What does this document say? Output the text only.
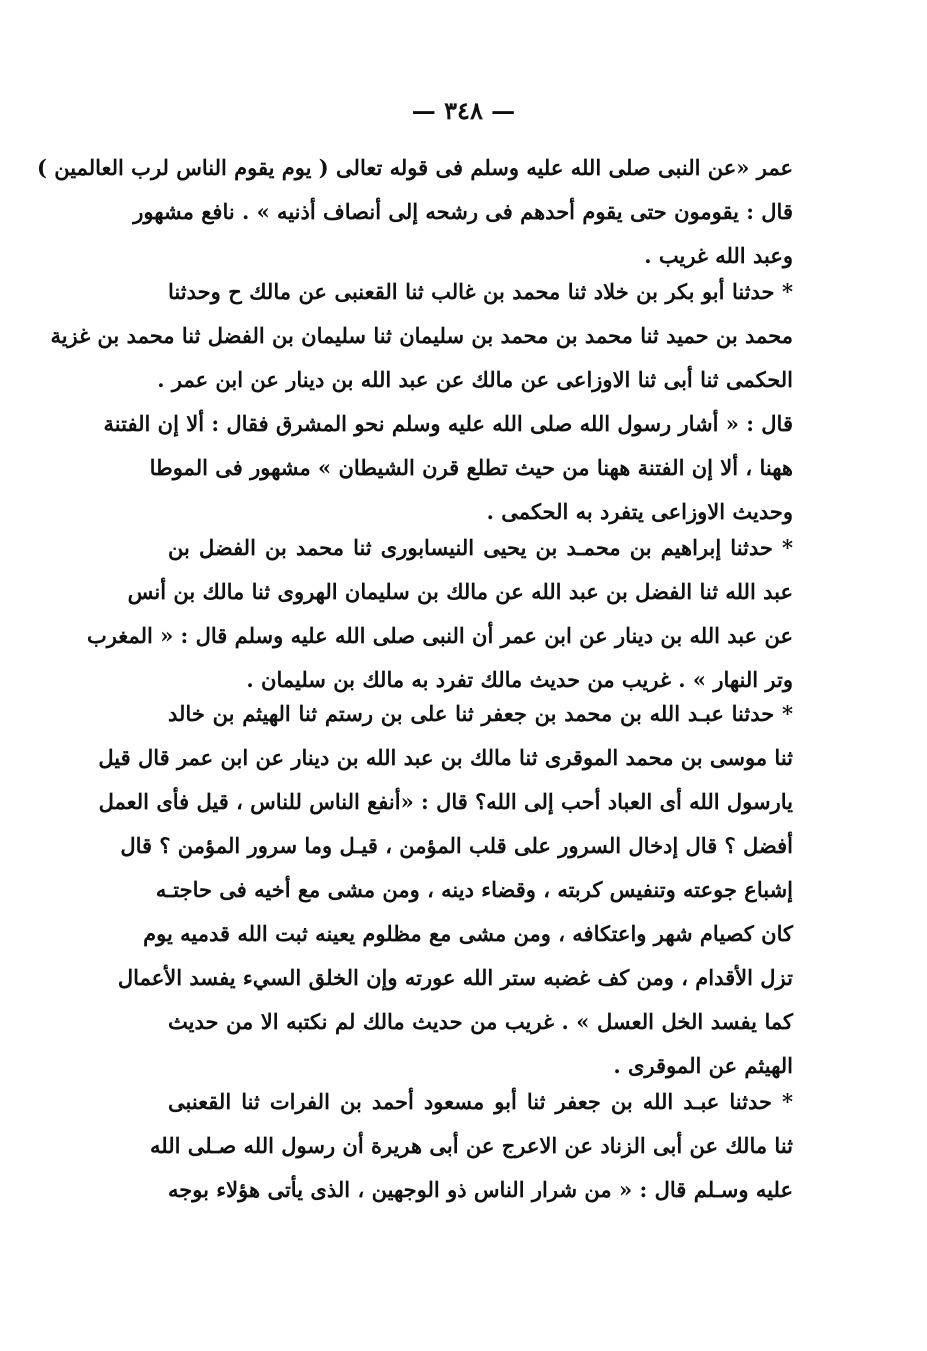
— ٣٤٨ —
عمر «عن النبى صلى الله عليه وسلم فى قوله تعالى ( يوم يقوم الناس لرب العالمين )
قال : يقومون حتى يقوم أحدهم فى رشحه إلى أنصاف أذنيه » . نافع مشهور
وعبد الله غريب .
* حدثنا أبو بكر بن خلاد ثنا محمد بن غالب ثنا القعنبى عن مالك ح وحدثنا
محمد بن حميد ثنا محمد بن محمد بن سليمان ثنا سليمان بن الفضل ثنا محمد بن غزية
الحكمى ثنا أبى ثنا الاوزاعى عن مالك عن عبد الله بن دينار عن ابن عمر .
قال : « أشار رسول الله صلى الله عليه وسلم نحو المشرق فقال : ألا إن الفتنة
ههنا ، ألا إن الفتنة ههنا من حيث تطلع قرن الشيطان » مشهور فى الموطا
وحديث الاوزاعى يتفرد به الحكمى .
* حدثنا إبراهيم بن محمـد بن يحيى النيسابورى ثنا محمد بن الفضل بن
عبد الله ثنا الفضل بن عبد الله عن مالك بن سليمان الهروى ثنا مالك بن أنس
عن عبد الله بن دينار عن ابن عمر أن النبى صلى الله عليه وسلم قال : « المغرب
وتر النهار » . غريب من حديث مالك تفرد به مالك بن سليمان .
* حدثنا عبـد الله بن محمد بن جعفر ثنا على بن رستم ثنا الهيثم بن خالد
ثنا موسى بن محمد الموقرى ثنا مالك بن عبد الله بن دينار عن ابن عمر قال قيل
يارسول الله أى العباد أحب إلى الله؟ قال : «أنفع الناس للناس ، قيل فأى العمل
أفضل ؟ قال إدخال السرور على قلب المؤمن ، قيـل وما سرور المؤمن ؟ قال
إشباع جوعته وتنفيس كربته ، وقضاء دينه ، ومن مشى مع أخيه فى حاجتـه
كان كصيام شهر واعتكافه ، ومن مشى مع مظلوم يعينه ثبت الله قدميه يوم
تزل الأقدام ، ومن كف غضبه ستر الله عورته وإن الخلق السيء يفسد الأعمال
كما يفسد الخل العسل » . غريب من حديث مالك لم نكتبه الا من حديث
الهيثم عن الموقرى .
* حدثنا عبـد الله بن جعفر ثنا أبو مسعود أحمد بن الفرات ثنا القعنبى
ثنا مالك عن أبى الزناد عن الاعرج عن أبى هريرة أن رسول الله صـلى الله
عليه وسـلم قال : « من شرار الناس ذو الوجهين ، الذى يأتى هؤلاء بوجه
